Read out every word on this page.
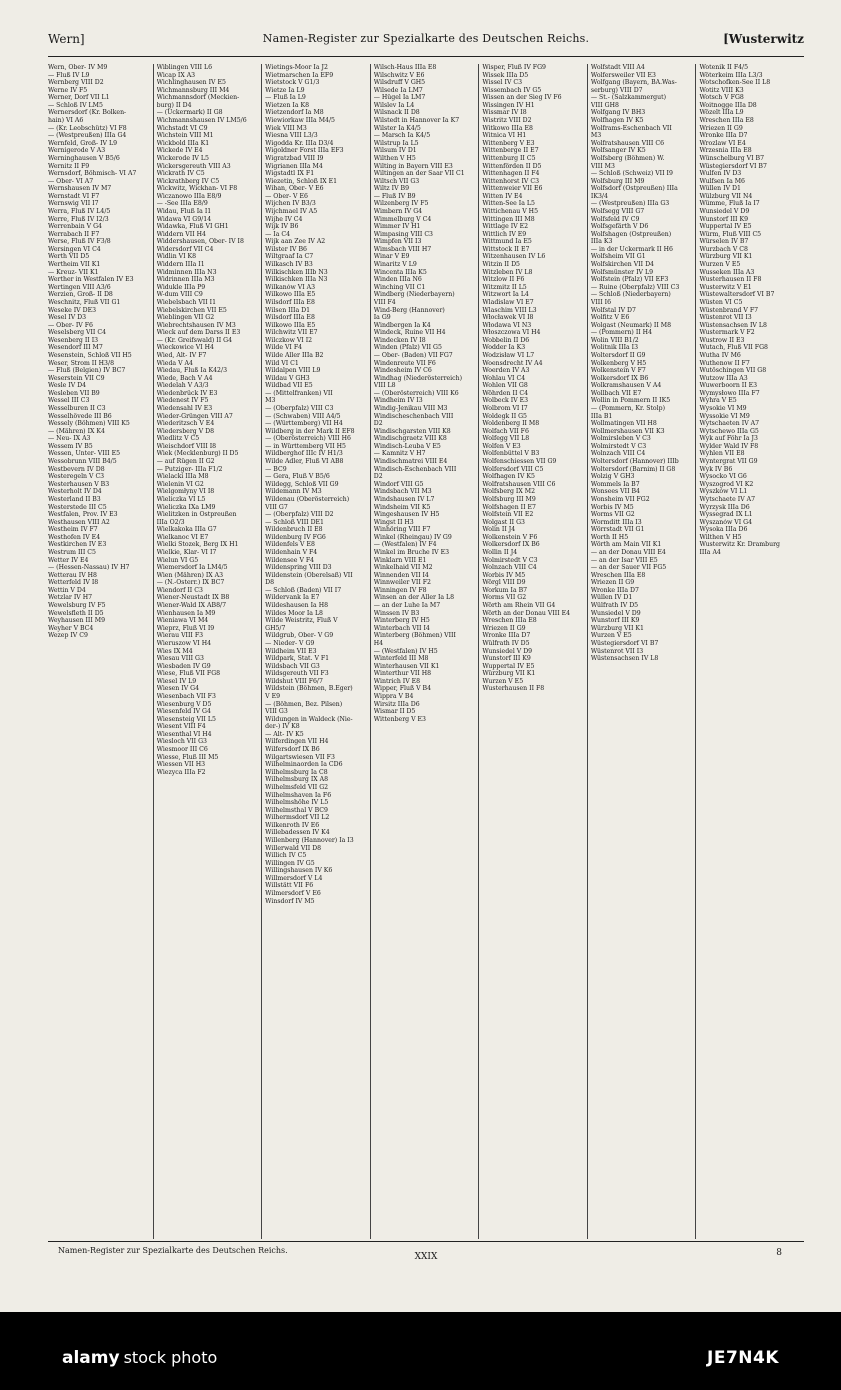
Wern]	Namen-Register zur Spezialkarte des Deutschen Reichs.	[Wusterwitz
Wern, Ober- IV M9
— Fluß IV L9
Wernberg VIII D2
Werne IV F5
Werner, Dorf VII L1
— Schloß IV LM5
Wernersdorf (Kr. Bolken-
hain) VI A6
— (Kr. Leobschütz) VI F8
— (Westpreußen) IIIa G4
Wernfeld, Groß- IV L9
Wernigerode V A3
Werninghausen V B5/6
Wernitz II F9
Wernsdorf, Böhmisch- VI A7
— Ober- VI A7
Wernshausen IV M7
Wernstadt VI F7
Wernswig VII I7
Werra, Fluß IV L4/5
Werre, Fluß IV I2/3
Werrenbain V G4
Werrabach II F7
Werse, Fluß IV F3/8
Wersingen VI C4
Werth VII D5
Wertheim VII K1
— Kreuz- VII K1
Werther in Westfalen IV E3
Wertingen VIII A3/6
Werzien, Groß- II D8
Weschnitz, Fluß VII G1
Weseke IV DE3
Wesel IV D3
— Ober- IV F6
Weselsberg VII C4
Wesenberg II I3
Wesendorf III M7
Wesenstein, Schloß VII H5
Weser, Strom II H3/8
— Fluß (Belgien) IV BC7
Weserstein VII C9
Wesle IV D4
Wesleben VII B9
Wessel III C3
Wesselburen II C3
Wesselhövede III B6
Wessely (Böhmen) VIII K5
— (Mähren) IX K4
— Neu- IX A3
Wessem IV B5
Wessen, Unter- VIII E5
Wessobrunn VIII B4/5
Westbevern IV D8
Westeregeln V C3
Westerhausen V B3
Westerholt IV D4
Westerland II B3
Westerstede III C5
Westfalen, Prov. IV E3
Westhausen VIII A2
Westheim IV F7
Westhofen IV E4
Westkirchen IV E3
Westrum III C5
Wetter IV E4
— (Hessen-Nassau) IV H7
Wetterau IV H8
Wetterfeld IV I8
Wettin V D4
Wetzlar IV H7
Wewelsburg IV F5
Wewelsfleth II D5
Weyhausen III M9
Weyher V BC4
Wezep IV C9
Wiblingen VIII L6
Wicap IX A3
Wichlinghausen IV E5
Wichmannsburg III M4
Wichmannsdorf (Meckien-
burg) II D4
— (Uckermark) II G8
Wichmannshausen IV LM5/6
Wichstadt VI C9
Wichstein VIII M1
Wickbold IIIa K1
Wickede IV E4
Wickerode IV L5
Wickersgereuth VIII A3
Wickrath IV C5
Wickrathberg IV C5
Wickwitz, Wickhan- VI F8
Wiczanowo IIIa E8/9
— -See IIIa E8/9
Widau, Fluß Ia I1
Widawa VI G9/14
Widawka, Fluß VI GH1
Widdern VII H4
Widdershausen, Ober- IV I8
Widersdorf VII C4
Widlin VI K8
Widdern IIIa I1
Widminnen IIIa N3
Widrinnen IIIa M3
Widukle IIIa P9
W-dum VIII C9
Wiebelsbach VII I1
Wiebelskirchen VII E5
Wieblingen VII G2
Wiebrechtshausen IV M3
Wieck auf dem Darss II E3
— (Kr. Greifswald) II G4
Wieckowice VI H4
Wied, Alt- IV F7
Wieda V A4
Wiedau, Fluß Ia K42/3
Wiede, Bach V A4
Wiedelah V A3/3
Wiedenbrück IV E3
Wiedenest IV F5
Wiedensahl IV E3
Wieder-Grüngen VIII A7
Wiederitzsch V E4
Wiedersberg V D8
Wiedlitz V C5
Wieischdorf VIII I8
Wiek (Mecklenburg) II D5
— auf Rügen II G2
— Putziger- IIIa F1/2
Wielacki IIIa M8
Wielenin VI G2
Wielgomłyny VI I8
Wieliczka VI L5
Wieliczka IXa LM9
Wielitzken in Ostpreußen
IIIa O2/3
Wielkakoka IIIa G7
Wielkanoc VI E7
Wielki Stozek, Berg IX H1
Wielkie, Klar- VI I7
Wielun VI G5
Wiemersdorf Ia LM4/5
Wien (Mähren) IX A3
— (N.-Österr.) IX BC7
Wiendorf II C3
Wiener-Neustadt IX B8
Wiener-Wald IX AB8/7
Wienhausen Ia M9
Wieniawa VI M4
Wieprz, Fluß VI I9
Wierau VIII F3
Wieruszow VI H4
Wies IX M4
Wiesau VIII G3
Wiesbaden IV G9
Wiese, Fluß VII FG8
Wiesel IV L9
Wiesen IV G4
Wiesenbach VII F3
Wiesenburg V D5
Wiesenfeld IV G4
Wiesensteig VII L5
Wiesent VIII F4
Wiesenthal VI H4
Wiesloch VII G3
Wiesmoor III C6
Wiesse, Fluß III M5
Wiessen VII H3
Wiezyca IIIa F2
Wietings-Moor Ia J2
Wietmarschen Ia EF9
Wietstock V G1/3
Wietze Ia L9
— Fluß Ia L9
Wietzen Ia K8
Wietzendorf Ia M8
Wiewiorkaw IIIa M4/5
Wiek VIII M3
Wiesna VIII L3/3
Wigodda Kr. IIIa D3/4
Wigoldner Forst IIIa EF3
Wigratzbad VIII I9
Wigrianen IIIa M4
Wigstadtl IX F1
Wiezetin, Schloß IX E1
Wihan, Ober- V E6
— Ober- V E6
Wijchen IV B3/3
Wijchmael IV A5
Wijhe IV C4
Wijk IV B6
— Ia C4
Wijk aan Zee IV A2
Wilster IV B6
Wiltgraaf Ia C7
Wilkasch IV B3
Wilkischken IIIb N3
Wilkischken IIIa N3
Wilkanów VI A3
Wilkowo IIIa E5
Wilsdorf IIIa E8
Wilsen IIIa D1
Wilsdorf IIIa E8
Wilkowo IIIa E5
Wilchwitz VII E7
Wilczkow VI I2
Wilde VI F4
Wilde Aller IIIa B2
Wild VI C1
Wildalpen VIII L9
Wildau V GH3
Wildbad VII E5
— (Mittelfranken) VII
M3
— (Oberpfalz) VIII C3
— (Schwaben) VIII A4/5
— (Württemberg) VII H4
Wildberg in der Mark II EF8
— (Oberösterreich) VIII H6
— in Württemberg VII H5
Wildberghof IIIc IV H1/3
Wilde Adler, Fluß VI AB8
— BC9
— Gera, Fluß V B5/6
Wildegg, Schloß VII G9
Wildemann IV M3
Wildenau (Oberösterreich)
VIII G7
— (Oberpfalz) VIII D2
— Schloß VIII DE1
Wildenbruch II E8
Wildenburg IV FG6
Wildenfels V E8
Wildenhain V F4
Wildensee V F4
Wildenspring VIII D3
Wildenstein (Oberelsaß) VII
D8
— Schloß (Baden) VII I7
Wildervank Ia E7
Wildeshausen Ia H8
Wildes Moor Ia L8
Wilde Weistritz, Fluß V
GH5/7
Wildgrub, Ober- V G9
— Nieder- V G9
Wildheim VII E3
Wildpark, Stat. V F1
Wildsbach VII G3
Wildsgereuth VII F3
Wildshut VIII F6/7
Wildstein (Böhmen, B.Eger)
V E9
— (Böhmen, Bez. Pilsen)
VIII G3
Wildungen in Waldeck (Nie-
der-) IV K8
— Alt- IV K5
Wilferdingen VII H4
Wilfersdorf IX B6
Wilgartswiesen VII F3
Wilhelminaorden Ia CD6
Wilhelmsburg Ia C8
Wilhelmsburg IX A8
Wilhelmsfeld VII G2
Wilhelmshaven Ia F6
Wilhelmshöhe IV L5
Wilhelmsthal V BC9
Wilhermsdorf VII L2
Wilkenroth IV E6
Willebadessen IV K4
Willenberg (Hannover) Ia I3
Willerwald VII D8
Willich IV C5
Willingen IV G5
Willingshausen IV K6
Willmersdorf V L4
Willstätt VII F6
Wilmersdorf V E6
Winsdorf IV M5
Wilsch-Haus IIIa E8
Wilschwitz V E6
Wilsdruff V GH5
Wilsede Ia LM7
— Hügel Ia LM7
Wilslev Ia L4
Wilsnack II D8
Wilstedt in Hannover Ia K7
Wilster Ia K4/5
— Marsch Ia K4/5
Wilstrup Ia L5
Wilsum IV D1
Wilthen V H5
Wilting in Bayern VIII E3
Wiltingen an der Saar VII C1
Wiltsch VII G3
Wiltz IV B9
— Fluß IV B9
Wilzenberg IV F5
Wimbern IV G4
Wimmelburg V C4
Wimmer IV H1
Wimpasing VIII C3
Wimpfen VII I3
Wimsbach VIII H7
Winar V E9
Winaritz V L9
Wincenta IIIa K5
Winden IIIa N6
Winching VII C1
Windberg (Niederbayern)
VIII F4
Wind-Berg (Hannover)
Ia G9
Windbergen Ia K4
Windeck, Ruine VII H4
Windecken IV I8
Winden (Pfalz) VII G5
— Ober- (Baden) VII FG7
Windenreute VII F6
Windesheim IV C6
Windhag (Niederösterreich)
VIII L8
— (Oberösterreich) VIII K6
Windheim IV I3
Windig-Jenikau VIII M3
Windischeschenbach VIII
D2
Windischgarsten VIII K8
Windischgraetz VIII K8
Windisch-Leuba V E5
— Kamnitz V H7
Windischmatrei VIII E4
Windisch-Eschenbach VIII
D2
Windorf VIII G5
Windsbach VII M3
Windshausen IV L7
Windsheim VII K5
Wingeshausen IV H5
Wingst II H3
Winhöring VIII F7
Winkel (Rheingau) IV G9
— (Westfalen) IV F4
Winkel im Bruche IV E3
Winklarn VIII E1
Winkelhaid VII M2
Winnenden VII I4
Winnweiler VII F2
Winningen IV F8
Winsen an der Aller Ia L8
— an der Luhe Ia M7
Winssen IV B3
Winterberg IV H5
Winterbach VII I4
Winterberg (Böhmen) VIII
H4
— (Westfalen) IV H5
Winterfeld III M8
Winterhausen VII K1
Winterthur VII H8
Wintrich IV E8
Wipper, Fluß V B4
Wippra V B4
Wirsitz IIIa D6
Wismar II D5
Wittenberg V E3
Wisper, Fluß IV FG9
Wissek IIIa D5
Wissel IV C3
Wissembach IV G5
Wissen an der Sieg IV F6
Wissingen IV H1
Wissmar IV I8
Wistritz VIII D2
Witkowo IIIa E8
Witnica VI H1
Wittenberg V E3
Wittenberge II E7
Wittenburg II C5
Wittenförden II D5
Wittenhagen II F4
Wittenhorst IV C3
Wittenweier VII E6
Witten IV E4
Witten-See Ia L5
Wittichenau V H5
Wittingen III M8
Wittlage IV E2
Wittlich IV E9
Wittmund Ia E5
Wittstock II E7
Witzenhausen IV L6
Witzin II D5
Witzleben IV L8
Witzlow II F6
Witzmitz II L5
Witzwort Ia L4
Wladislaw VI E7
Wlaschim VIII L3
Włocławek VI I8
Włodawa VI N3
Włoszczowa VI H4
Wobbelin II D6
Wodder Ia K3
Wodzisław VI L7
Woensdrecht IV A4
Woerden IV A3
Wohlau VI C4
Wohlen VII G8
Wöhrden II C4
Wolbeck IV E3
Wolbrom VI I7
Woldegk II G5
Woldenberg II M8
Wolfach VII F6
Wolfegg VII L8
Wolfen V E3
Wolfenbüttel V B3
Wolfenschiessen VII G9
Wolfersdorf VIII C5
Wolfhagen IV K5
Wolfratshausen VIII C6
Wolfsberg IX M2
Wolfsburg III M9
Wolfshagen II E7
Wolfstein VII E2
Wolgast II G3
Wolin II J4
Wolkenstein V F6
Wolkersdorf IX B6
Wollin II J4
Wolmirstedt V C3
Wolnzach VIII C4
Worbis IV M5
Wörgl VIII D9
Workum Ia B7
Worms VII G2
Wörth am Rhein VII G4
Wörth an der Donau VIII E4
Wreschen IIIa E8
Wriezen II G9
Wronke IIIa D7
Wülfrath IV D5
Wunsiedel V D9
Wunstorf III K9
Wuppertal IV E5
Würzburg VII K1
Wurzen V E5
Wusterhausen II F8
Wolfstadt VIII A4
Wolfersweiler VII E3
Wolfgang (Bayern, BA.Was-
serburg) VIII D7
— St.- (Salzkammergut)
VIII GH8
Wolfgang IV BH3
Wolfhagen IV K5
Wolframs-Eschenbach VII
M3
Wolfratshausen VIII C6
Wolfsanger IV K5
Wolfsberg (Böhmen) W.
VIII M3
— Schloß (Schweiz) VII I9
Wolfsburg III M9
Wolfsdorf (Ostpreußen) IIIa
IK3/4
— (Westpreußen) IIIa G3
Wolfsegg VIII G7
Wolfsfeld IV C9
Wolfsgefärth V D6
Wolfshagen (Ostpreußen)
IIIa K3
— in der Uckermark II H6
Wolfsheim VII G1
Wolfskirchen VII D4
Wolfsmünster IV L9
Wolfstein (Pfalz) VII EF3
— Ruine (Oberpfalz) VIII C3
— Schloß (Niederbayern)
VIII I6
Wolfstal IV D7
Wolfitz V E6
Wolgast (Neumark) II M8
— (Pommern) II H4
Wolin VIII B1/2
Wolitnik IIIa I3
Woltersdorf II G9
Wolkenberg V H5
Wolkenstein V F7
Wolkersdorf IX B6
Wolkramshausen V A4
Wollbach VII E7
Wollin in Pommern II IK5
— (Pommern, Kr. Stolp)
IIIa B1
Wollmatingen VII H8
Wollmershausen VII K3
Wolmirsleben V C3
Wolmirstedt V C3
Wolnzach VIII C4
Woltersdorf (Hannover) IIIb
Woltersdorf (Barnim) II G8
Wolzig V GH3
Wommels Ia B7
Wonsees VII B4
Wonsheim VII FG2
Worbis IV M5
Worms VII G2
Wormditt IIIa I3
Wörrstadt VII G1
Worth II H5
Wörth am Main VII K1
— an der Donau VIII E4
— an der Isar VIII E5
— an der Sauer VII FG5
Wreschen IIIa E8
Wriezen II G9
Wronke IIIa D7
Wüllen IV D1
Wülfrath IV D5
Wunsiedel V D9
Wunstorf III K9
Würzburg VII K1
Wurzen V E5
Wüstegiersdorf VI B7
Wüstenrot VII I3
Wüstensachsen IV L8
Wotenik II F4/5
Wöterkeim IIIa L3/3
Wotschofken-See II L8
Wotitz VIII K3
Wotsch V FG8
Woitnogge IIIa D8
Wözelt IIIa L9
Wreschen IIIa E8
Wriezen II G9
Wronke IIIa D7
Wrozlaw VI E4
Wrzesnia IIIa E8
Wünschelburg VI B7
Wüstegiersdorf VI B7
Wulfen IV D3
Wulfsen Ia M6
Wüllen IV D1
Wülzburg VII N4
Wümme, Fluß Ia I7
Wunsiedel V D9
Wunstorf III K9
Wuppertal IV E5
Würm, Fluß VIII C5
Würselen IV B7
Wurzbach V C8
Würzburg VII K1
Wurzen V E5
Wusseken IIIa A3
Wusterhausen II F8
Wusterwitz V E1
Wüstewaltersdorf VI B7
Wüsten VI C5
Wüstenbrand V F7
Wüstenrot VII I3
Wüstensachsen IV L8
Wustermark V F2
Wustrow II E3
Wutach, Fluß VII FG8
Wutha IV M6
Wuthenow II F7
Wutöschingen VII G8
Wutzow IIIa A3
Wuwerboorn II E3
Wymysłowo IIIa F7
Wyhra V E5
Wysokie VI M9
Wyssokie VI M9
Wytschaeten IV A7
Wytschewo IIIa G5
Wyk auf Föhr Ia J3
Wylder Wald IV F8
Wyhlen VII E8
Wyntergrat VII G9
Wyk IV B6
Wysocko VI G6
Wyszogrod VI K2
Wyszków VI L1
Wytschaete IV A7
Wyrzysk IIIa D6
Wyssegrad IX L1
Wyszanów VI G4
Wysoka IIIa D6
Wilthen V H5
Wusterwitz Kr. Dramburg
IIIa A4
Namen-Register zur Spezialkarte des Deutschen Reichs.
XXIX	8
alamy stock photo	JE7N4K
